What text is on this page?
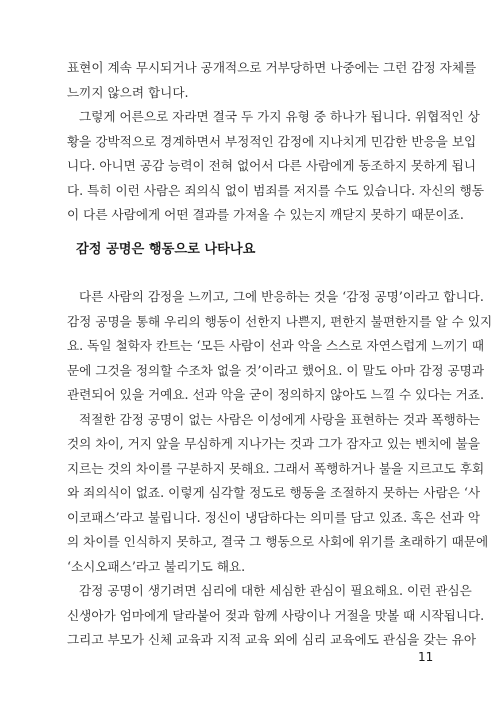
표현이 계속 무시되거나 공개적으로 거부당하면 나중에는 그런 감정 자체를
느끼지 않으려 합니다.
그렇게 어른으로 자라면 결국 두 가지 유형 중 하나가 됩니다. 위협적인 상
황을 강박적으로 경계하면서 부정적인 감정에 지나치게 민감한 반응을 보입
니다. 아니면 공감 능력이 전혀 없어서 다른 사람에게 동조하지 못하게 됩니
다. 특히 이런 사람은 죄의식 없이 범죄를 저지를 수도 있습니다. 자신의 행동
이 다른 사람에게 어떤 결과를 가져올 수 있는지 깨닫지 못하기 때문이죠.
감정 공명은 행동으로 나타나요
다른 사람의 감정을 느끼고, 그에 반응하는 것을 ‘감정 공명’이라고 합니다.
감정 공명을 통해 우리의 행동이 선한지 나쁜지, 편한지 불편한지를 알 수 있지
요. 독일 철학자 칸트는 ‘모든 사람이 선과 악을 스스로 자연스럽게 느끼기 때
문에 그것을 정의할 수조차 없을 것’이라고 했어요. 이 말도 아마 감정 공명과
관련되어 있을 거예요. 선과 악을 굳이 정의하지 않아도 느낄 수 있다는 거죠.
적절한 감정 공명이 없는 사람은 이성에게 사랑을 표현하는 것과 폭행하는
것의 차이, 거지 앞을 무심하게 지나가는 것과 그가 잠자고 있는 벤치에 불을
지르는 것의 차이를 구분하지 못해요. 그래서 폭행하거나 불을 지르고도 후회
와 죄의식이 없죠. 이렇게 심각할 정도로 행동을 조절하지 못하는 사람은 ‘사
이코패스’라고 불립니다. 정신이 냉담하다는 의미를 담고 있죠. 혹은 선과 악
의 차이를 인식하지 못하고, 결국 그 행동으로 사회에 위기를 초래하기 때문에
‘소시오패스’라고 불리기도 해요.
감정 공명이 생기려면 심리에 대한 세심한 관심이 필요해요. 이런 관심은
신생아가 엄마에게 달라붙어 젖과 함께 사랑이나 거절을 맛볼 때 시작됩니다.
그리고 부모가 신체 교육과 지적 교육 외에 심리 교육에도 관심을 갖는 유아
11
